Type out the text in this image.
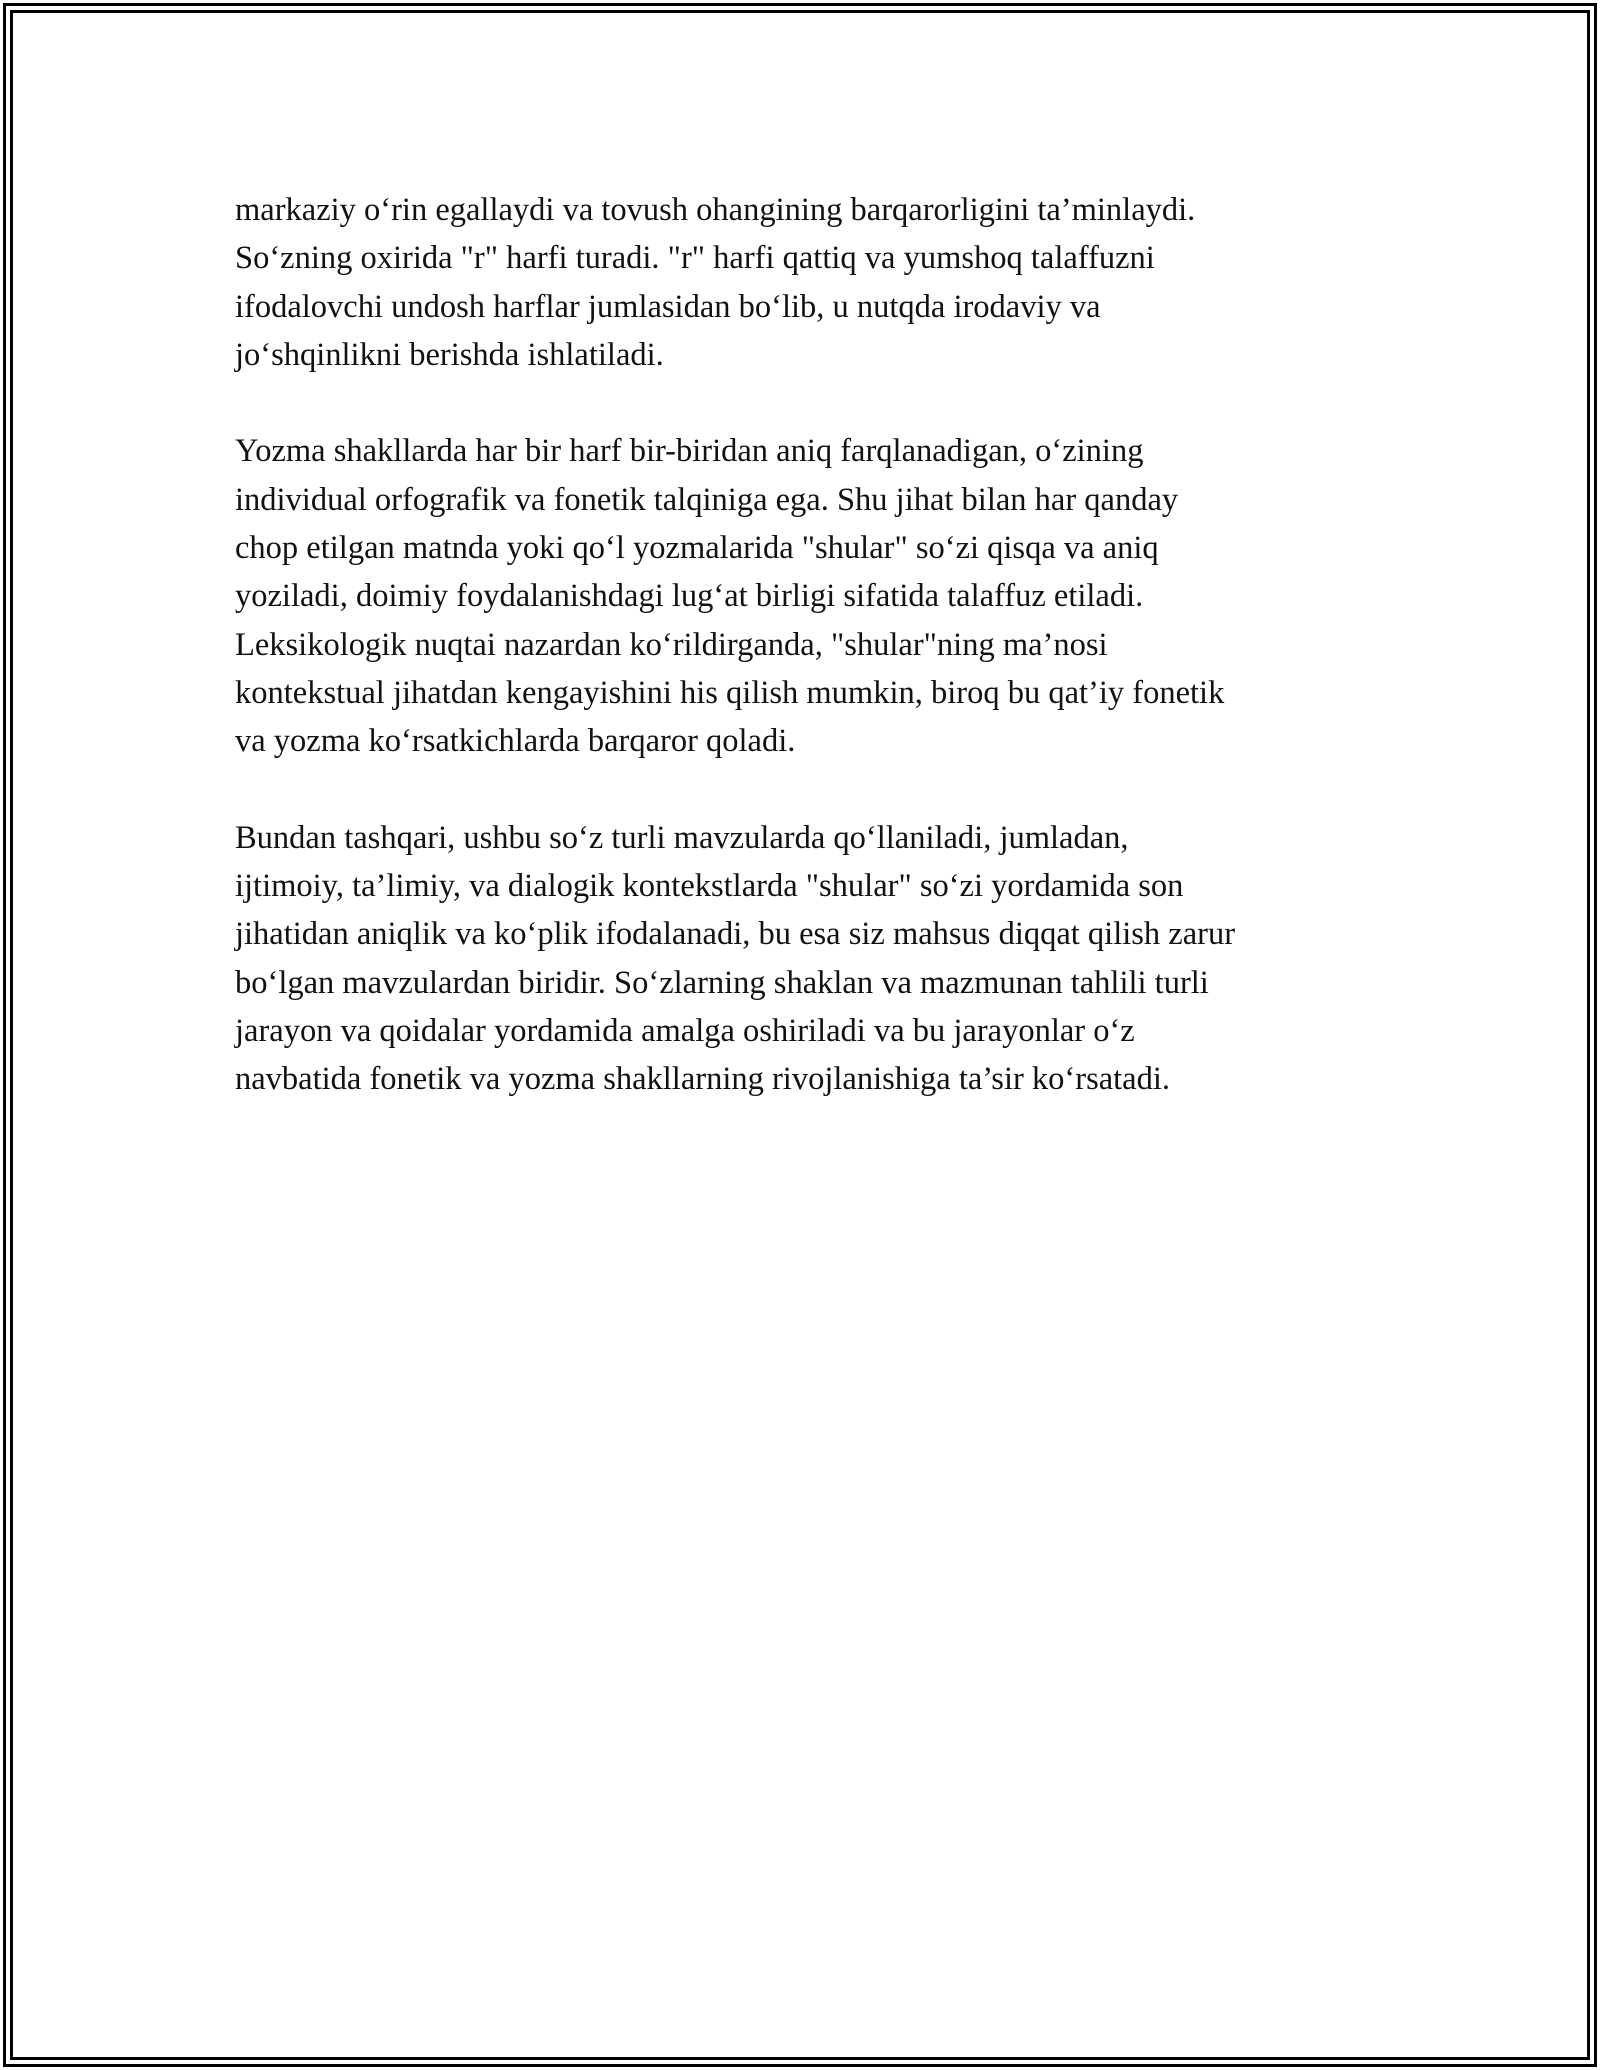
markaziy o‘rin egallaydi va tovush ohangining barqarorligini ta’minlaydi.
So‘zning oxirida "r" harfi turadi. "r" harfi qattiq va yumshoq talaffuzni
ifodalovchi undosh harflar jumlasidan bo‘lib, u nutqda irodaviy va
jo‘shqinlikni berishda ishlatiladi.

Yozma shakllarda har bir harf bir-biridan aniq farqlanadigan, o‘zining
individual orfografik va fonetik talqiniga ega. Shu jihat bilan har qanday
chop etilgan matnda yoki qo‘l yozmalarida "shular" so‘zi qisqa va aniq
yoziladi, doimiy foydalanishdagi lug‘at birligi sifatida talaffuz etiladi.
Leksikologik nuqtai nazardan ko‘rildirganda, "shular"ning ma’nosi
kontekstual jihatdan kengayishini his qilish mumkin, biroq bu qat’iy fonetik
va yozma ko‘rsatkichlarda barqaror qoladi.

Bundan tashqari, ushbu so‘z turli mavzularda qo‘llaniladi, jumladan,
ijtimoiy, ta’limiy, va dialogik kontekstlarda "shular" so‘zi yordamida son
jihatidan aniqlik va ko‘plik ifodalanadi, bu esa siz mahsus diqqat qilish zarur
bo‘lgan mavzulardan biridir. So‘zlarning shaklan va mazmunan tahlili turli
jarayon va qoidalar yordamida amalga oshiriladi va bu jarayonlar o‘z
navbatida fonetik va yozma shakllarning rivojlanishiga ta’sir ko‘rsatadi.
